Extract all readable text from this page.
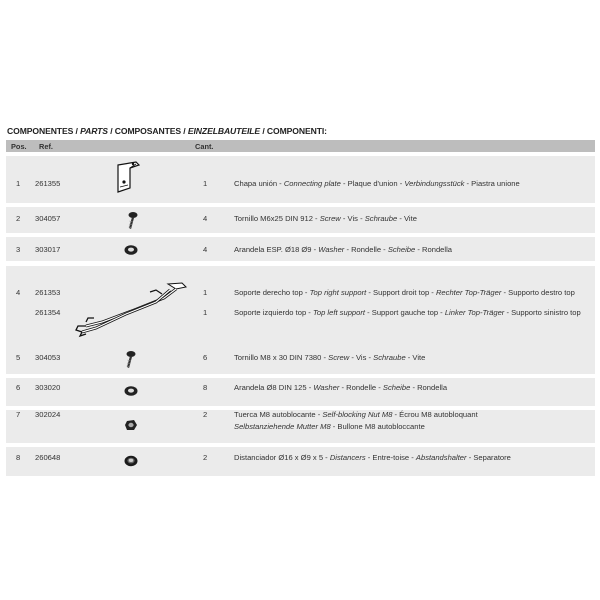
COMPONENTES / PARTS / COMPOSANTES / EINZELBAUTEILE / COMPONENTI:
Pos. Ref.	Cant.
1 261355	1	Chapa unión - Connecting plate - Plaque d'union - Verbindungsstück - Piastra unione
2 304057	4	Tornillo M6x25 DIN 912 - Screw - Vis - Schraube - Vite
3 303017	4	Arandela ESP. Ø18 Ø9 - Washer - Rondelle - Scheibe - Rondella
4 261353	1	Soporte derecho top - Top right support - Support droit top - Rechter Top-Träger - Supporto destro top
261354	1	Soporte izquierdo top - Top left support - Support gauche top - Linker Top-Träger - Supporto sinistro top
5 304053	6	Tornillo M8 x 30 DIN 7380 - Screw - Vis - Schraube - Vite
6 303020	8	Arandela Ø8 DIN 125 - Washer - Rondelle - Scheibe - Rondella
7 302024	2	Tuerca M8 autoblocante - Self-blocking Nut M8 - Écrou M8 autobloquant
Selbstanziehende Mutter M8 - Bullone M8 autobloccante
8 260648	2	Distanciador Ø16 x Ø9 x 5 - Distancers - Entre-toise - Abstandshalter - Separatore
